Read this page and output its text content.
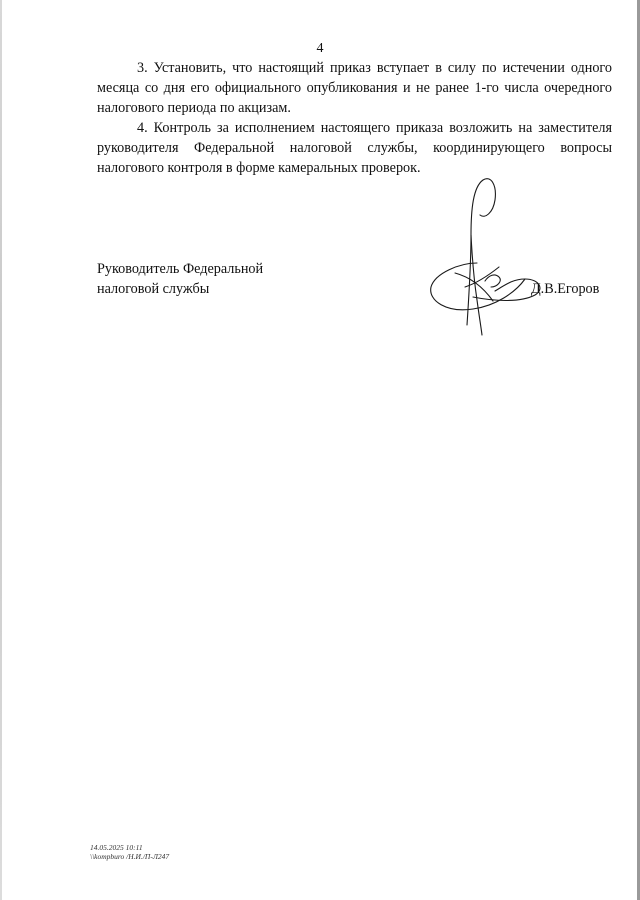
4

3. Установить, что настоящий приказ вступает в силу по истечении одного месяца со дня его официального опубликования и не ранее 1-го числа очередного налогового периода по акцизам.

4. Контроль за исполнением настоящего приказа возложить на заместителя руководителя Федеральной налоговой службы, координирующего вопросы налогового контроля в форме камеральных проверок.

Руководитель Федеральной
налоговой службы	Д.В.Егоров
14.05.2025 10:11
\\kompburo /Н.И./П-Л247
